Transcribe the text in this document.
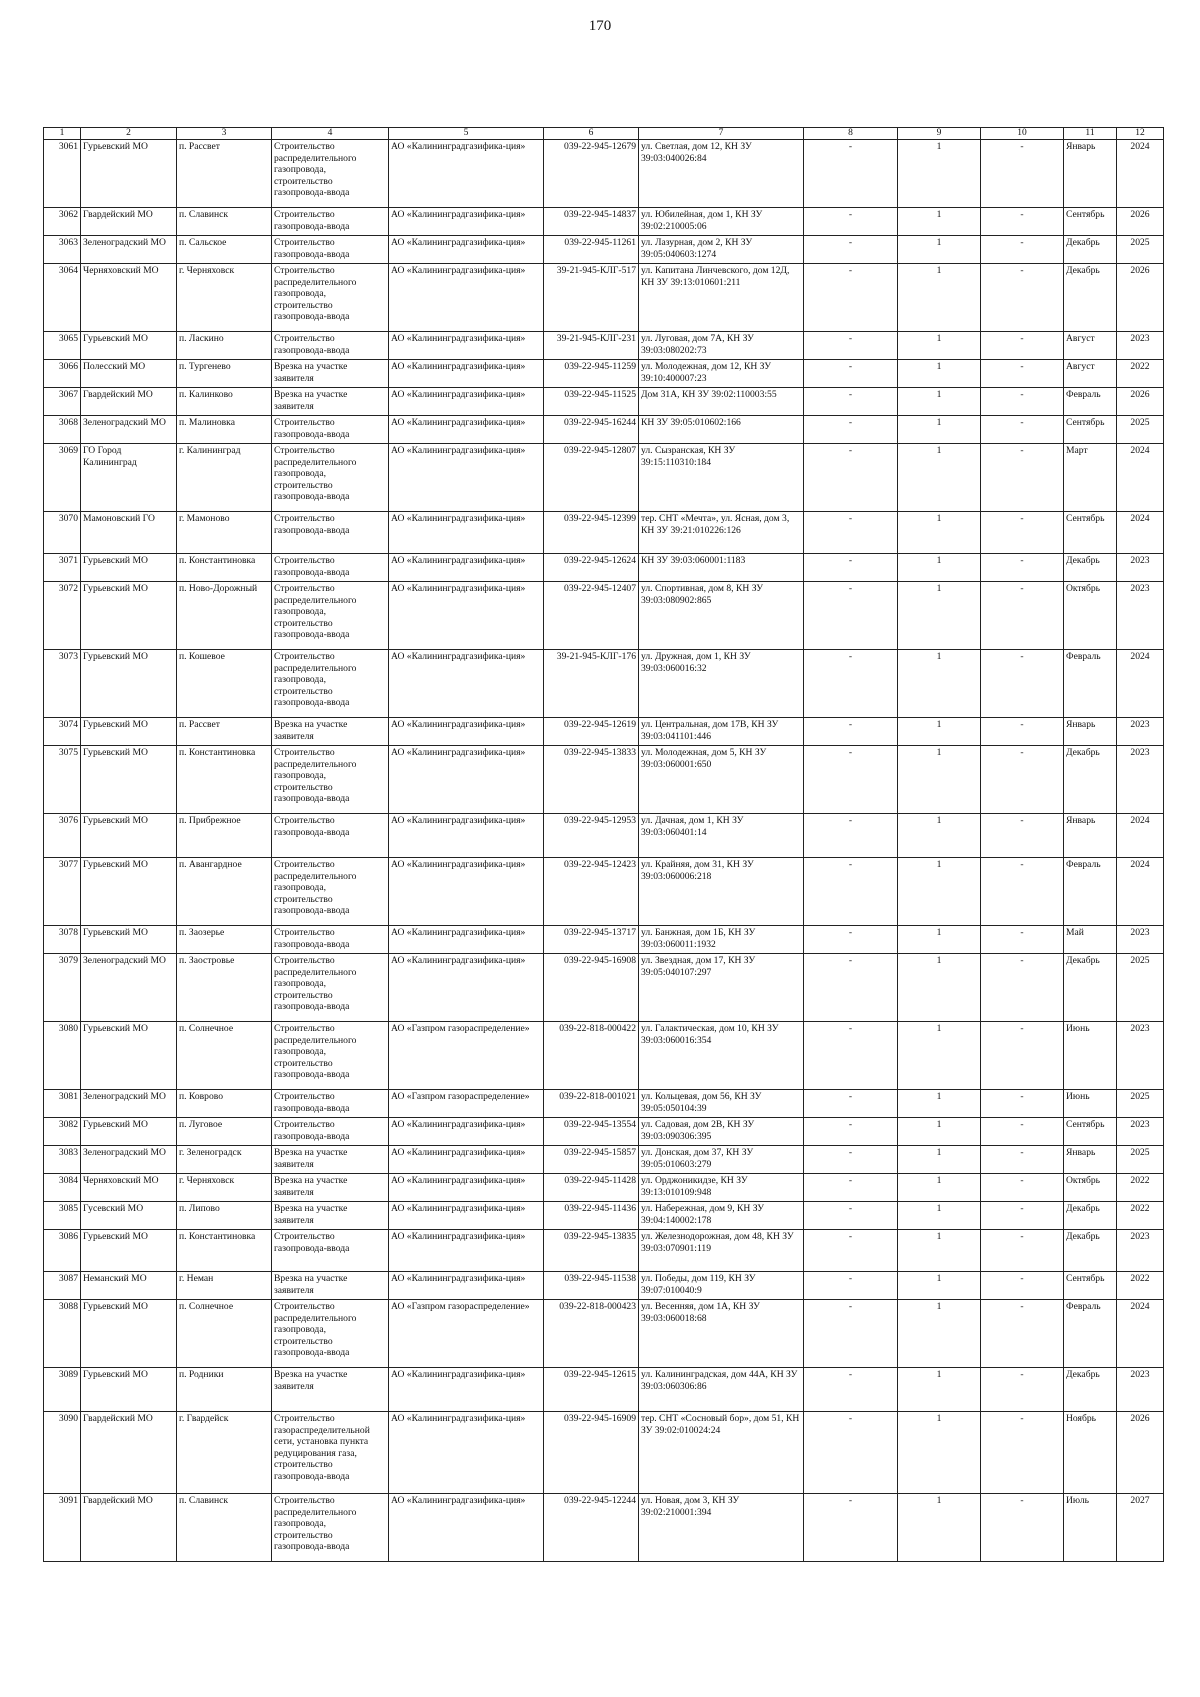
170
1	2	3	4	5	6	7	8	9	10	11	12
3061	Гурьевский МО	п. Рассвет	Строительство распределительного газопровода, строительство газопровода-ввода	АО «Калининградгазифика-ция»	039-22-945-12679	ул. Светлая, дом 12, КН ЗУ 39:03:040026:84	-	1	-	Январь	2024
3062	Гвардейский МО	п. Славинск	Строительство газопровода-ввода	АО «Калининградгазифика-ция»	039-22-945-14837	ул. Юбилейная, дом 1, КН ЗУ 39:02:210005:06	-	1	-	Сентябрь	2026
3063	Зеленоградский МО	п. Сальское	Строительство газопровода-ввода	АО «Калининградгазифика-ция»	039-22-945-11261	ул. Лазурная, дом 2, КН ЗУ 39:05:040603:1274	-	1	-	Декабрь	2025
3064	Черняховский МО	г. Черняховск	Строительство распределительного газопровода, строительство газопровода-ввода	АО «Калининградгазифика-ция»	39-21-945-КЛГ-517	ул. Капитана Линчевского, дом 12Д, КН ЗУ 39:13:010601:211	-	1	-	Декабрь	2026
3065	Гурьевский МО	п. Ласкино	Строительство газопровода-ввода	АО «Калининградгазифика-ция»	39-21-945-КЛГ-231	ул. Луговая, дом 7А, КН ЗУ 39:03:080202:73	-	1	-	Август	2023
3066	Полесский МО	п. Тургенево	Врезка на участке заявителя	АО «Калининградгазифика-ция»	039-22-945-11259	ул. Молодежная, дом 12, КН ЗУ 39:10:400007:23	-	1	-	Август	2022
3067	Гвардейский МО	п. Калинково	Врезка на участке заявителя	АО «Калининградгазифика-ция»	039-22-945-11525	Дом 31А, КН ЗУ 39:02:110003:55	-	1	-	Февраль	2026
3068	Зеленоградский МО	п. Малиновка	Строительство газопровода-ввода	АО «Калининградгазифика-ция»	039-22-945-16244	КН ЗУ 39:05:010602:166	-	1	-	Сентябрь	2025
3069	ГО Город Калининград	г. Калининград	Строительство распределительного газопровода, строительство газопровода-ввода	АО «Калининградгазифика-ция»	039-22-945-12807	ул. Сызранская, КН ЗУ 39:15:110310:184	-	1	-	Март	2024
3070	Мамоновский ГО	г. Мамоново	Строительство газопровода-ввода	АО «Калининградгазифика-ция»	039-22-945-12399	тер. СНТ «Мечта», ул. Ясная, дом 3, КН ЗУ 39:21:010226:126	-	1	-	Сентябрь	2024
3071	Гурьевский МО	п. Константиновка	Строительство газопровода-ввода	АО «Калининградгазифика-ция»	039-22-945-12624	КН ЗУ 39:03:060001:1183	-	1	-	Декабрь	2023
3072	Гурьевский МО	п. Ново-Дорожный	Строительство распределительного газопровода, строительство газопровода-ввода	АО «Калининградгазифика-ция»	039-22-945-12407	ул. Спортивная, дом 8, КН ЗУ 39:03:080902:865	-	1	-	Октябрь	2023
3073	Гурьевский МО	п. Кошевое	Строительство распределительного газопровода, строительство газопровода-ввода	АО «Калининградгазифика-ция»	39-21-945-КЛГ-176	ул. Дружная, дом 1, КН ЗУ 39:03:060016:32	-	1	-	Февраль	2024
3074	Гурьевский МО	п. Рассвет	Врезка на участке заявителя	АО «Калининградгазифика-ция»	039-22-945-12619	ул. Центральная, дом 17В, КН ЗУ 39:03:041101:446	-	1	-	Январь	2023
3075	Гурьевский МО	п. Константиновка	Строительство распределительного газопровода, строительство газопровода-ввода	АО «Калининградгазифика-ция»	039-22-945-13833	ул. Молодежная, дом 5, КН ЗУ 39:03:060001:650	-	1	-	Декабрь	2023
3076	Гурьевский МО	п. Прибрежное	Строительство газопровода-ввода	АО «Калининградгазифика-ция»	039-22-945-12953	ул. Дачная, дом 1, КН ЗУ 39:03:060401:14	-	1	-	Январь	2024
3077	Гурьевский МО	п. Авангардное	Строительство распределительного газопровода, строительство газопровода-ввода	АО «Калининградгазифика-ция»	039-22-945-12423	ул. Крайняя, дом 31, КН ЗУ 39:03:060006:218	-	1	-	Февраль	2024
3078	Гурьевский МО	п. Заозерье	Строительство газопровода-ввода	АО «Калининградгазифика-ция»	039-22-945-13717	ул. Банжная, дом 1Б, КН ЗУ 39:03:060011:1932	-	1	-	Май	2023
3079	Зеленоградский МО	п. Заостровье	Строительство распределительного газопровода, строительство газопровода-ввода	АО «Калининградгазифика-ция»	039-22-945-16908	ул. Звездная, дом 17, КН ЗУ 39:05:040107:297	-	1	-	Декабрь	2025
3080	Гурьевский МО	п. Солнечное	Строительство распределительного газопровода, строительство газопровода-ввода	АО «Газпром газораспределение»	039-22-818-000422	ул. Галактическая, дом 10, КН ЗУ 39:03:060016:354	-	1	-	Июнь	2023
3081	Зеленоградский МО	п. Коврово	Строительство газопровода-ввода	АО «Газпром газораспределение»	039-22-818-001021	ул. Кольцевая, дом 56, КН ЗУ 39:05:050104:39	-	1	-	Июнь	2025
3082	Гурьевский МО	п. Луговое	Строительство газопровода-ввода	АО «Калининградгазифика-ция»	039-22-945-13554	ул. Садовая, дом 2В, КН ЗУ 39:03:090306:395	-	1	-	Сентябрь	2023
3083	Зеленоградский МО	г. Зеленоградск	Врезка на участке заявителя	АО «Калининградгазифика-ция»	039-22-945-15857	ул. Донская, дом 37, КН ЗУ 39:05:010603:279	-	1	-	Январь	2025
3084	Черняховский МО	г. Черняховск	Врезка на участке заявителя	АО «Калининградгазифика-ция»	039-22-945-11428	ул. Орджоникидзе, КН ЗУ 39:13:010109:948	-	1	-	Октябрь	2022
3085	Гусевский МО	п. Липово	Врезка на участке заявителя	АО «Калининградгазифика-ция»	039-22-945-11436	ул. Набережная, дом 9, КН ЗУ 39:04:140002:178	-	1	-	Декабрь	2022
3086	Гурьевский МО	п. Константиновка	Строительство газопровода-ввода	АО «Калининградгазифика-ция»	039-22-945-13835	ул. Железнодорожная, дом 48, КН ЗУ 39:03:070901:119	-	1	-	Декабрь	2023
3087	Неманский МО	г. Неман	Врезка на участке заявителя	АО «Калининградгазифика-ция»	039-22-945-11538	ул. Победы, дом 119, КН ЗУ 39:07:010040:9	-	1	-	Сентябрь	2022
3088	Гурьевский МО	п. Солнечное	Строительство распределительного газопровода, строительство газопровода-ввода	АО «Газпром газораспределение»	039-22-818-000423	ул. Весенняя, дом 1А, КН ЗУ 39:03:060018:68	-	1	-	Февраль	2024
3089	Гурьевский МО	п. Родники	Врезка на участке заявителя	АО «Калининградгазифика-ция»	039-22-945-12615	ул. Калининградская, дом 44А, КН ЗУ 39:03:060306:86	-	1	-	Декабрь	2023
3090	Гвардейский МО	г. Гвардейск	Строительство газораспределительной сети, установка пункта редуцирования газа, строительство газопровода-ввода	АО «Калининградгазифика-ция»	039-22-945-16909	тер. СНТ «Сосновый бор», дом 51, КН ЗУ 39:02:010024:24	-	1	-	Ноябрь	2026
3091	Гвардейский МО	п. Славинск	Строительство распределительного газопровода, строительство газопровода-ввода	АО «Калининградгазифика-ция»	039-22-945-12244	ул. Новая, дом 3, КН ЗУ 39:02:210001:394	-	1	-	Июль	2027
